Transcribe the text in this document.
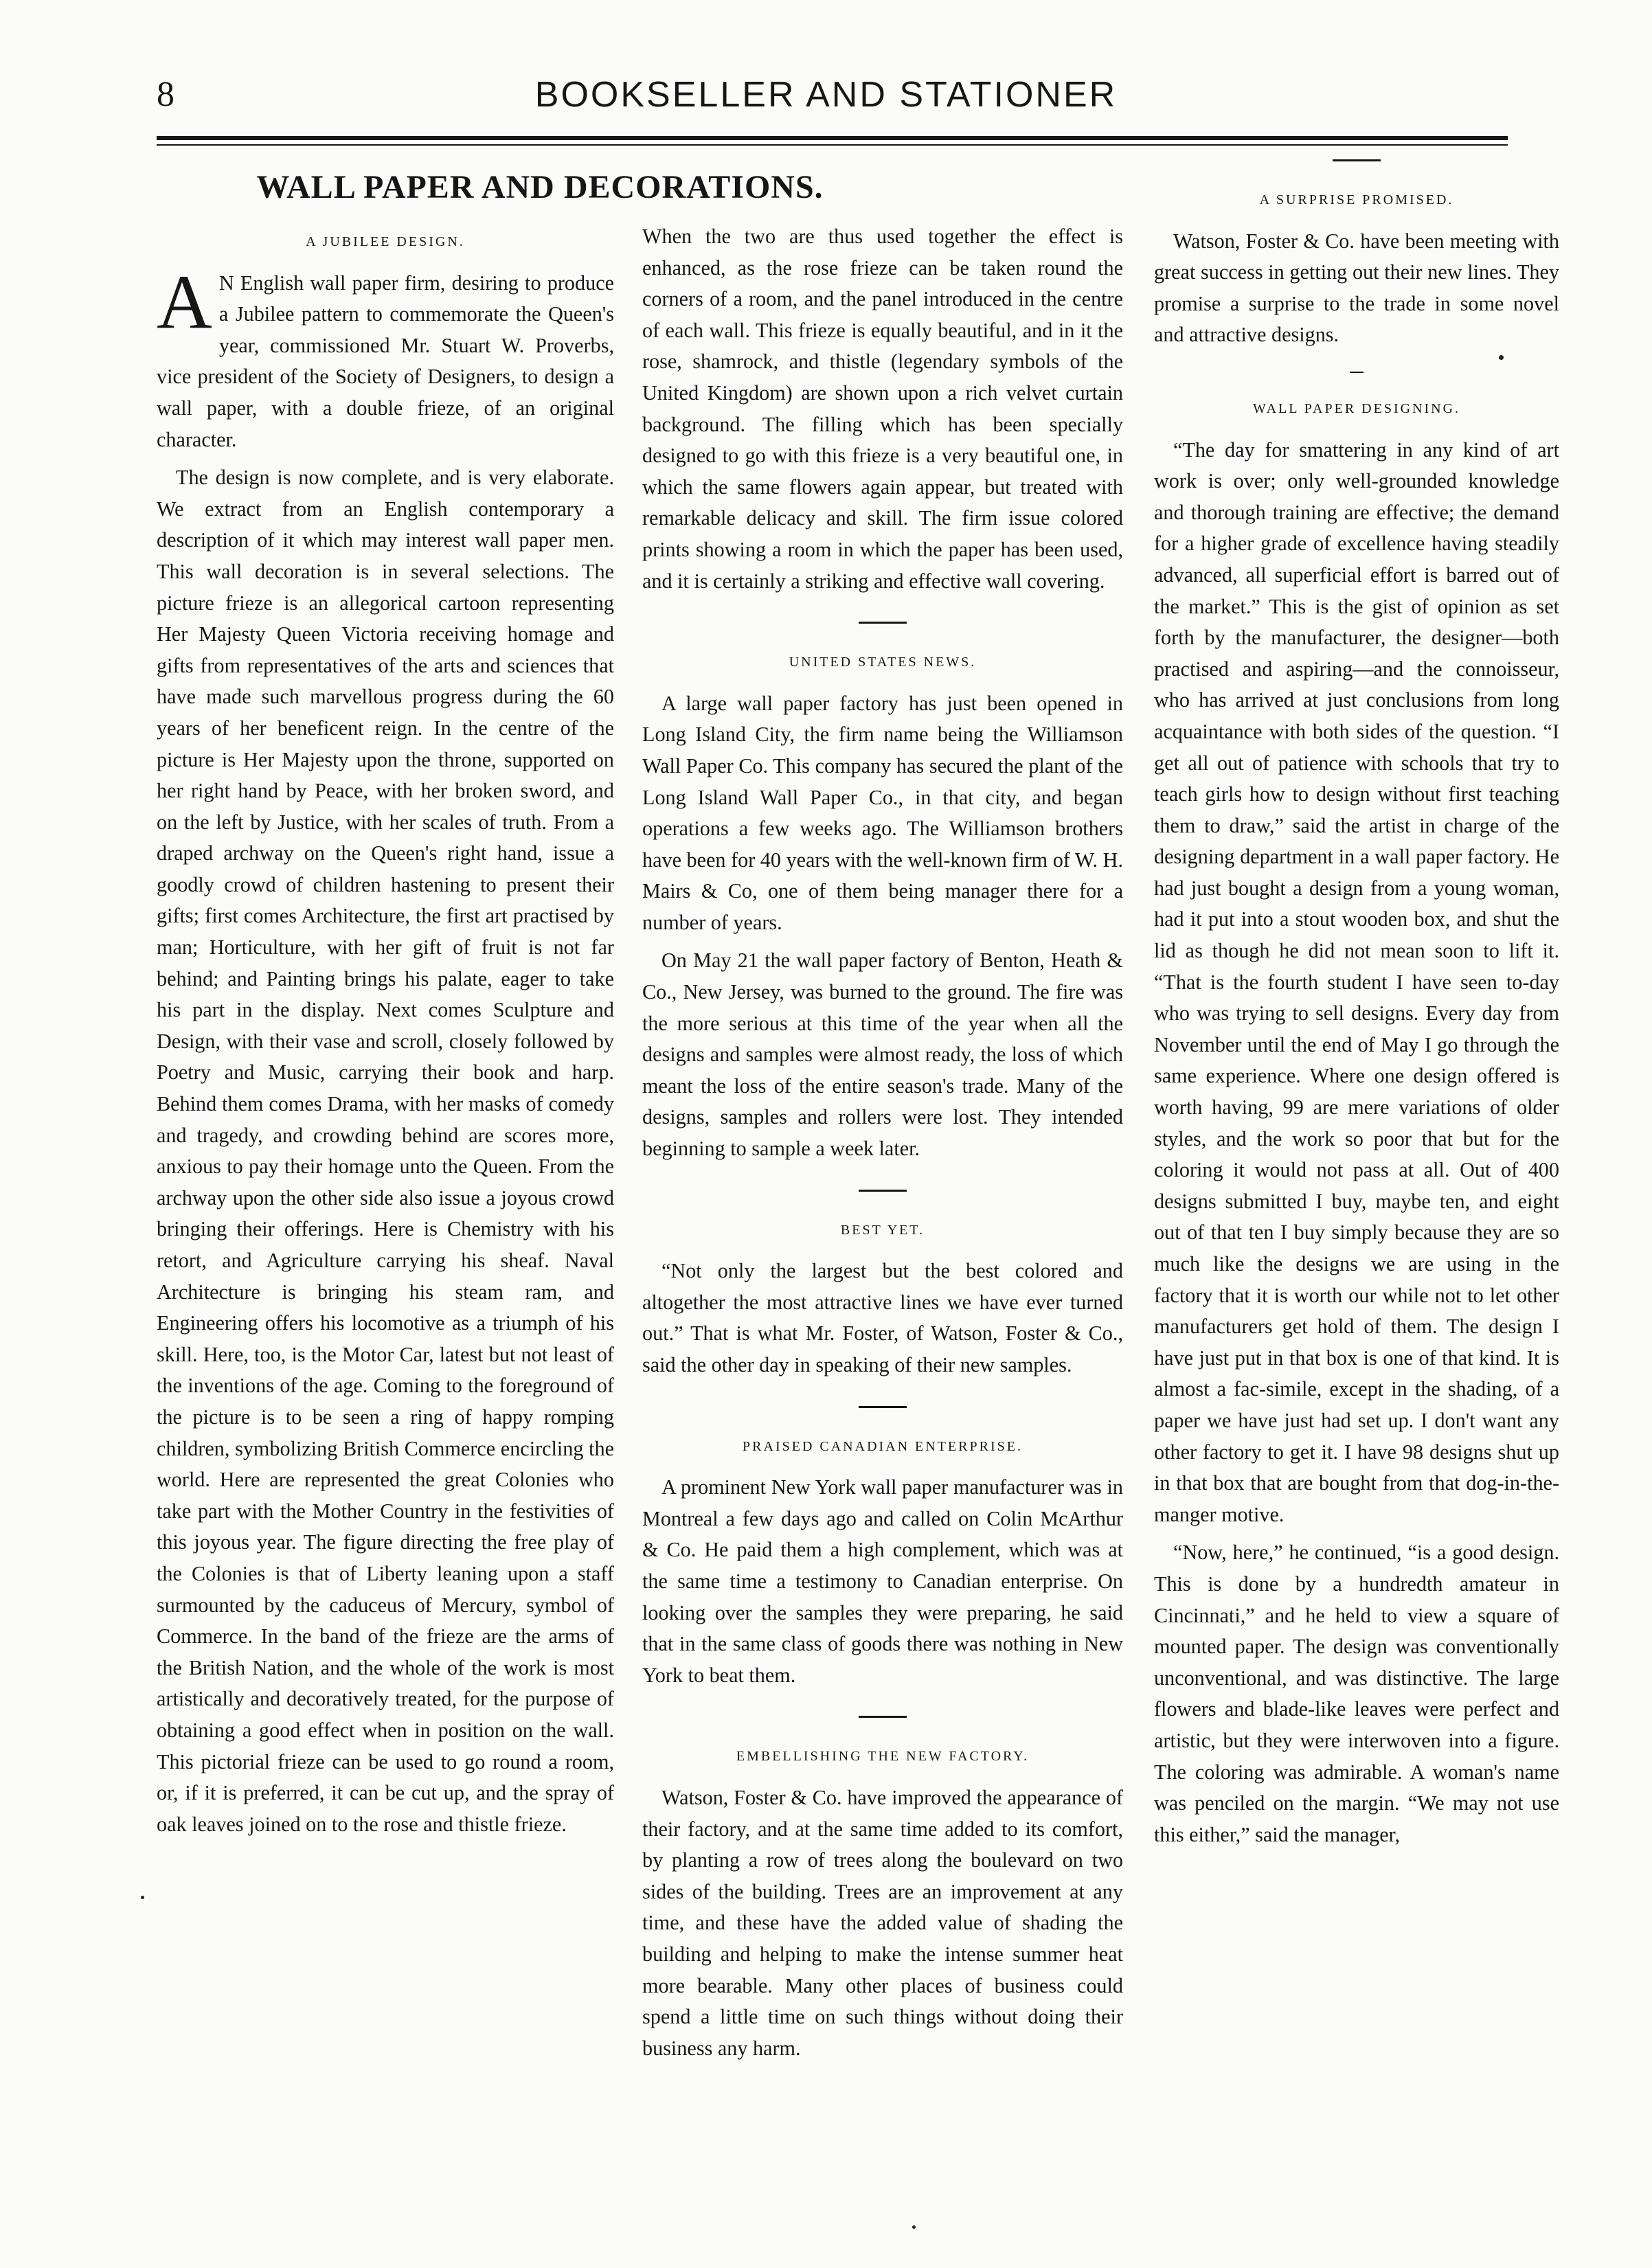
8	BOOKSELLER AND STATIONER
WALL PAPER AND DECORATIONS.
A JUBILEE DESIGN.

A N English wall paper firm, desiring to produce a Jubilee pattern to commemorate the Queen's year, commissioned Mr. Stuart W. Proverbs, vice president of the Society of Designers, to design a wall paper, with a double frieze, of an original character.

The design is now complete, and is very elaborate. We extract from an English contemporary a description of it which may interest wall paper men. This wall decoration is in several selections. The picture frieze is an allegorical cartoon representing Her Majesty Queen Victoria receiving homage and gifts from representatives of the arts and sciences that have made such marvellous progress during the 60 years of her beneficent reign. In the centre of the picture is Her Majesty upon the throne, supported on her right hand by Peace, with her broken sword, and on the left by Justice, with her scales of truth. From a draped archway on the Queen's right hand, issue a goodly crowd of children hastening to present their gifts; first comes Architecture, the first art practised by man; Horticulture, with her gift of fruit is not far behind; and Painting brings his palate, eager to take his part in the display. Next comes Sculpture and Design, with their vase and scroll, closely followed by Poetry and Music, carrying their book and harp. Behind them comes Drama, with her masks of comedy and tragedy, and crowding behind are scores more, anxious to pay their homage unto the Queen. From the archway upon the other side also issue a joyous crowd bringing their offerings. Here is Chemistry with his retort, and Agriculture carrying his sheaf. Naval Architecture is bringing his steam ram, and Engineering offers his locomotive as a triumph of his skill. Here, too, is the Motor Car, latest but not least of the inventions of the age. Coming to the foreground of the picture is to be seen a ring of happy romping children, symbolizing British Commerce encircling the world. Here are represented the great Colonies who take part with the Mother Country in the festivities of this joyous year. The figure directing the free play of the Colonies is that of Liberty leaning upon a staff surmounted by the caduceus of Mercury, symbol of Commerce. In the band of the frieze are the arms of the British Nation, and the whole of the work is most artistically and decoratively treated, for the purpose of obtaining a good effect when in position on the wall. This pictorial frieze can be used to go round a room, or, if it is preferred, it can be cut up, and the spray of oak leaves joined on to the rose and thistle frieze.

When the two are thus used together the effect is enhanced, as the rose frieze can be taken round the corners of a room, and the panel introduced in the centre of each wall. This frieze is equally beautiful, and in it the rose, shamrock, and thistle (legendary symbols of the United Kingdom) are shown upon a rich velvet curtain background. The filling which has been specially designed to go with this frieze is a very beautiful one, in which the same flowers again appear, but treated with remarkable delicacy and skill. The firm issue colored prints showing a room in which the paper has been used, and it is certainly a striking and effective wall covering.

UNITED STATES NEWS.

A large wall paper factory has just been opened in Long Island City, the firm name being the Williamson Wall Paper Co. This company has secured the plant of the Long Island Wall Paper Co., in that city, and began operations a few weeks ago. The Williamson brothers have been for 40 years with the well-known firm of W. H. Mairs & Co, one of them being manager there for a number of years.

On May 21 the wall paper factory of Benton, Heath & Co., New Jersey, was burned to the ground. The fire was the more serious at this time of the year when all the designs and samples were almost ready, the loss of which meant the loss of the entire season's trade. Many of the designs, samples and rollers were lost. They intended beginning to sample a week later.

BEST YET.

“Not only the largest but the best colored and altogether the most attractive lines we have ever turned out.” That is what Mr. Foster, of Watson, Foster & Co., said the other day in speaking of their new samples.

PRAISED CANADIAN ENTERPRISE.

A prominent New York wall paper manufacturer was in Montreal a few days ago and called on Colin McArthur & Co. He paid them a high complement, which was at the same time a testimony to Canadian enterprise. On looking over the samples they were preparing, he said that in the same class of goods there was nothing in New York to beat them.

EMBELLISHING THE NEW FACTORY.

Watson, Foster & Co. have improved the appearance of their factory, and at the same time added to its comfort, by planting a row of trees along the boulevard on two sides of the building. Trees are an improvement at any time, and these have the added value of shading the building and helping to make the intense summer heat more bearable. Many other places of business could spend a little time on such things without doing their business any harm.

A SURPRISE PROMISED.

Watson, Foster & Co. have been meeting with great success in getting out their new lines. They promise a surprise to the trade in some novel and attractive designs.

WALL PAPER DESIGNING.

“The day for smattering in any kind of art work is over; only well-grounded knowledge and thorough training are effective; the demand for a higher grade of excellence having steadily advanced, all superficial effort is barred out of the market.” This is the gist of opinion as set forth by the manufacturer, the designer—both practised and aspiring—and the connoisseur, who has arrived at just conclusions from long acquaintance with both sides of the question. “I get all out of patience with schools that try to teach girls how to design without first teaching them to draw,” said the artist in charge of the designing department in a wall paper factory. He had just bought a design from a young woman, had it put into a stout wooden box, and shut the lid as though he did not mean soon to lift it. “That is the fourth student I have seen to-day who was trying to sell designs. Every day from November until the end of May I go through the same experience. Where one design offered is worth having, 99 are mere variations of older styles, and the work so poor that but for the coloring it would not pass at all. Out of 400 designs submitted I buy, maybe ten, and eight out of that ten I buy simply because they are so much like the designs we are using in the factory that it is worth our while not to let other manufacturers get hold of them. The design I have just put in that box is one of that kind. It is almost a fac-simile, except in the shading, of a paper we have just had set up. I don't want any other factory to get it. I have 98 designs shut up in that box that are bought from that dog-in-the-manger motive.

“Now, here,” he continued, “is a good design. This is done by a hundredth amateur in Cincinnati,” and he held to view a square of mounted paper. The design was conventionally unconventional, and was distinctive. The large flowers and blade-like leaves were perfect and artistic, but they were interwoven into a figure. The coloring was admirable. A woman's name was penciled on the margin. “We may not use this either,” said the manager,
